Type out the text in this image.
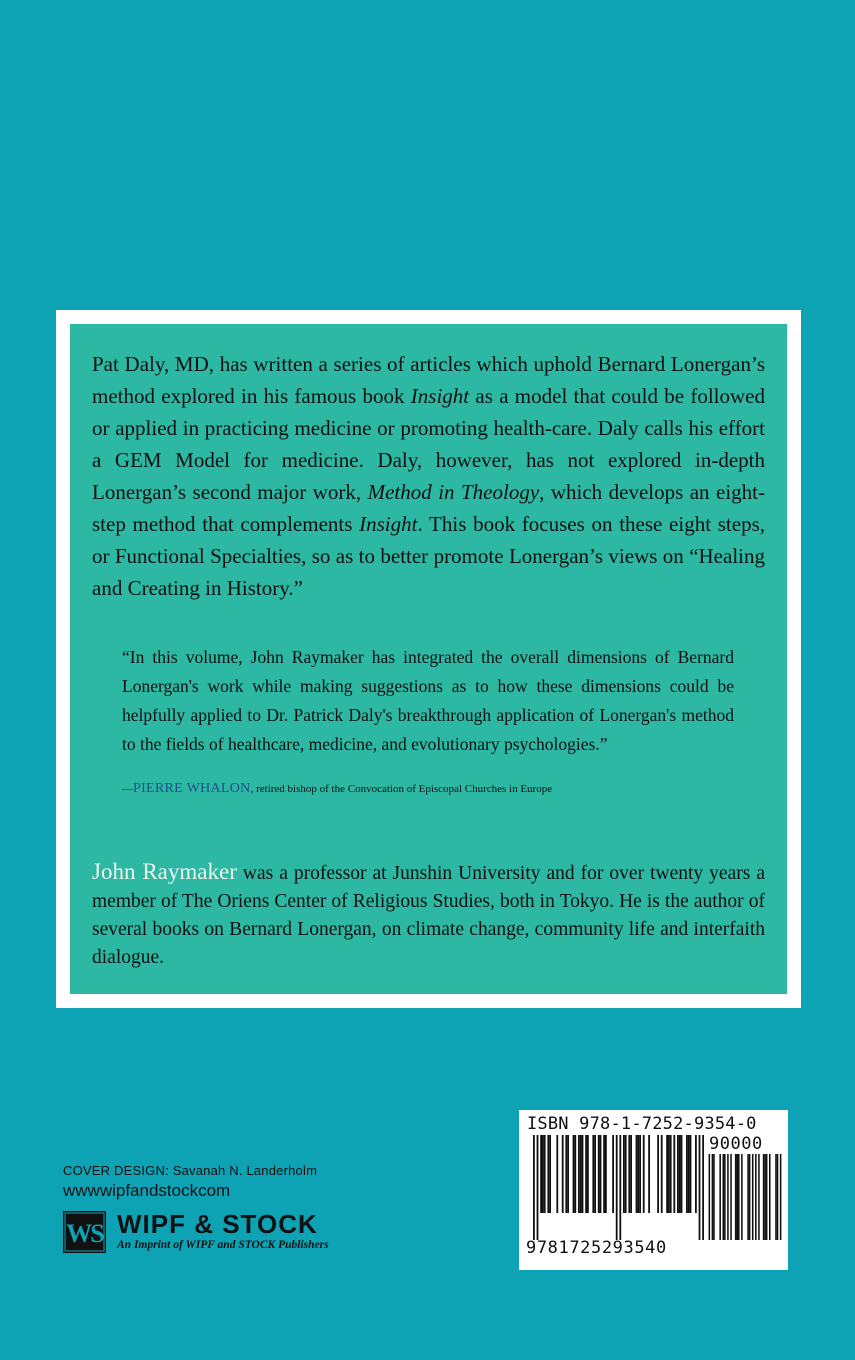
Pat Daly, MD, has written a series of articles which uphold Bernard Lonergan’s method explored in his famous book Insight as a model that could be followed or applied in practicing medicine or promoting health-care. Daly calls his effort a GEM Model for medicine. Daly, however, has not explored in-depth Lonergan’s second major work, Method in Theology, which develops an eight-step method that complements Insight. This book focuses on these eight steps, or Functional Specialties, so as to better promote Lonergan’s views on “Healing and Creating in History.”

“In this volume, John Raymaker has integrated the overall dimensions of Bernard Lonergan's work while making suggestions as to how these dimensions could be helpfully applied to Dr. Patrick Daly's breakthrough application of Lonergan's method to the fields of healthcare, medicine, and evolutionary psychologies.”

—PIERRE WHALON, retired bishop of the Convocation of Episcopal Churches in Europe

John Raymaker was a professor at Junshin University and for over twenty years a member of The Oriens Center of Religious Studies, both in Tokyo. He is the author of several books on Bernard Lonergan, on climate change, community life and interfaith dialogue.

COVER DESIGN: Savanah N. Landerholm
wwwwipfandstockcom
WS WIPF & STOCK
An Imprint of WIPF and STOCK Publishers
ISBN 978-1-7252-9354-0
90000
9781725293540
